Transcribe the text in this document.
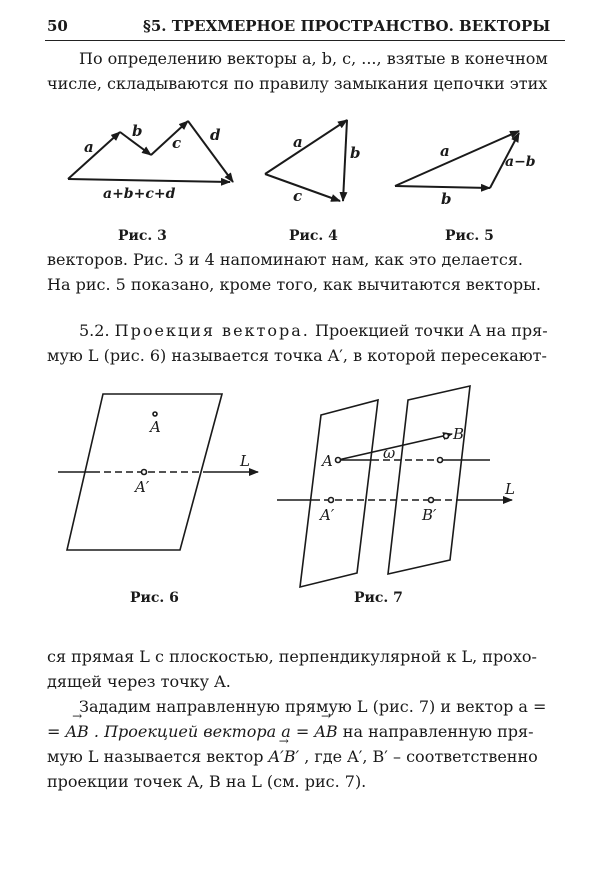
50	§5. ТРЕХМЕРНОЕ ПРОСТРАНСТВО. ВЕКТОРЫ
По определению векторы a, b, c, ..., взятые в конечном
числе, складываются по правилу замыкания цепочки этих
a
b
c d
a+b+c+d
a
b
c
a
a−b
b
Рис. 3	Рис. 4	Рис. 5
векторов. Рис. 3 и 4 напоминают нам, как это делается.
На рис. 5 показано, кроме того, как вычитаются векторы.
5.2. Проекция вектора. Проекцией точки A на пря-
мую L (рис. 6) называется точка A′, в которой пересекают-
A
A′
L	A
B
ω
A′	B′
L
Рис. 6	Рис. 7
ся прямая L с плоскостью, перпендикулярной к L, прохо-
дящей через точку A.
Зададим направленную прямую L (рис. 7) и вектор a =
= → AB . Проекцией вектора a = → AB на направленную пря-
мую L называется вектор → A′B′ , где A′, B′ – соответственно
проекции точек A, B на L (см. рис. 7).
